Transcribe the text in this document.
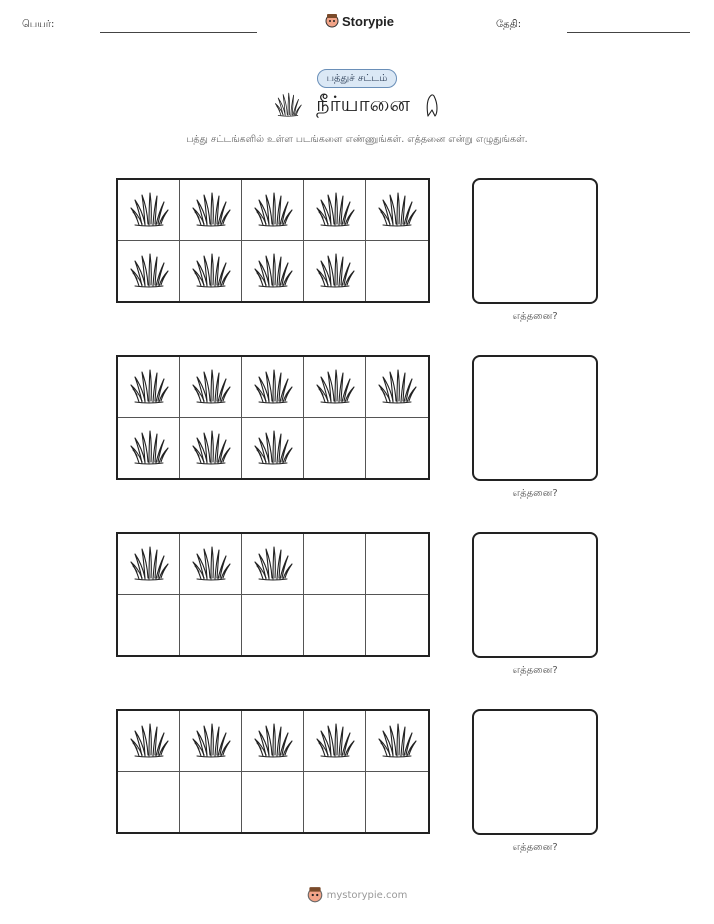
பெயர்:	Storypie	தேதி:
பத்துச் சட்டம்
நீர்யானை
பத்து சட்டங்களில் உள்ள படங்களை எண்ணுங்கள். எத்தனை என்று எழுதுங்கள்.
எத்தனை?
எத்தனை?
எத்தனை?
எத்தனை?
mystorypie.com
